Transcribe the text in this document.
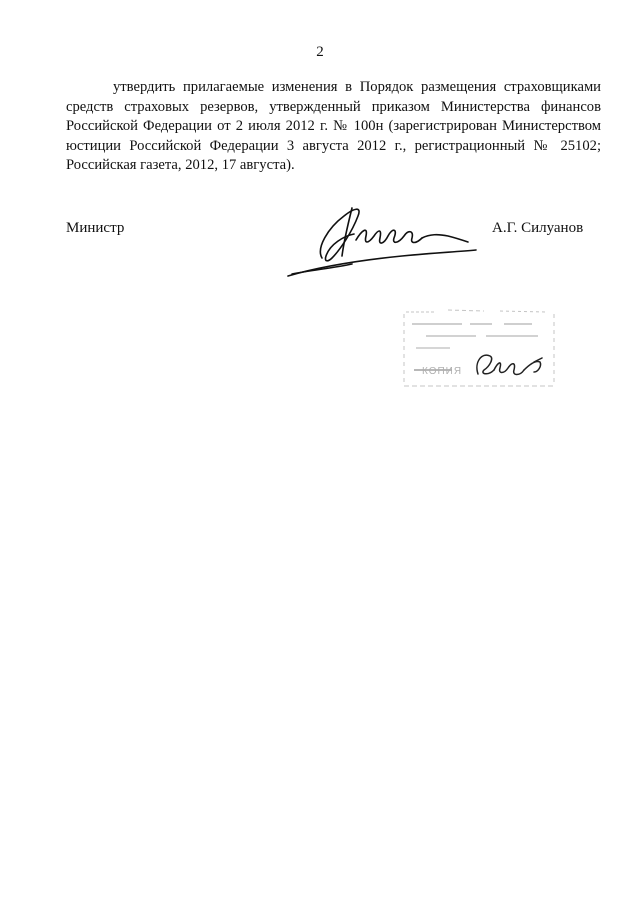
2

утвердить прилагаемые изменения в Порядок размещения страховщиками средств страховых резервов, утвержденный приказом Министерства финансов Российской Федерации от 2 июля 2012 г. № 100н (зарегистрирован Министерством юстиции Российской Федерации 3 августа 2012 г., регистрационный № 25102; Российская газета, 2012, 17 августа).

Министр	А.Г. Силуанов
КОПИЯ
